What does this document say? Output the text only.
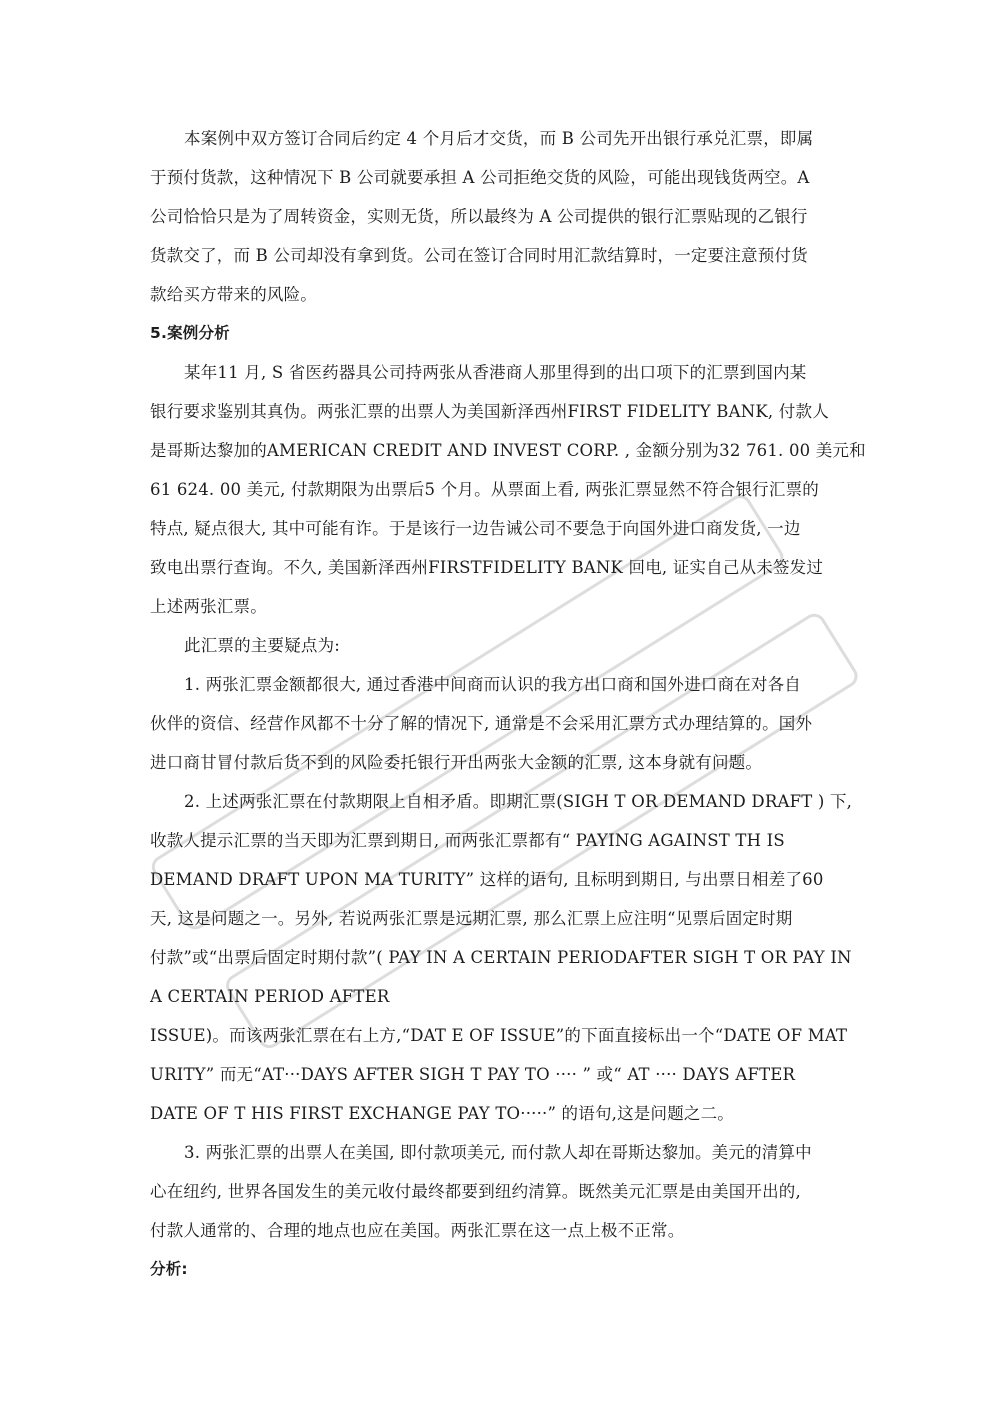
本案例中双方签订合同后约定 4 个月后才交货，而 B 公司先开出银行承兑汇票，即属
于预付货款，这种情况下 B 公司就要承担 A 公司拒绝交货的风险，可能出现钱货两空。A
公司恰恰只是为了周转资金，实则无货，所以最终为 A 公司提供的银行汇票贴现的乙银行
货款交了，而 B 公司却没有拿到货。公司在签订合同时用汇款结算时，一定要注意预付货
款给买方带来的风险。
5.案例分析
某年11 月, S 省医药器具公司持两张从香港商人那里得到的出口项下的汇票到国内某
银行要求鉴别其真伪。两张汇票的出票人为美国新泽西州FIRST FIDELITY BANK, 付款人
是哥斯达黎加的AMERICAN CREDIT AND INVEST CORP. , 金额分别为32 761. 00 美元和
61 624. 00 美元, 付款期限为出票后5 个月。从票面上看, 两张汇票显然不符合银行汇票的
特点, 疑点很大, 其中可能有诈。于是该行一边告诫公司不要急于向国外进口商发货, 一边
致电出票行查询。不久, 美国新泽西州FIRSTFIDELITY BANK 回电, 证实自己从未签发过
上述两张汇票。
此汇票的主要疑点为:
1. 两张汇票金额都很大, 通过香港中间商而认识的我方出口商和国外进口商在对各自
伙伴的资信、经营作风都不十分了解的情况下, 通常是不会采用汇票方式办理结算的。国外
进口商甘冒付款后货不到的风险委托银行开出两张大金额的汇票, 这本身就有问题。
2. 上述两张汇票在付款期限上自相矛盾。即期汇票(SIGH T OR DEMAND DRAFT ) 下,
收款人提示汇票的当天即为汇票到期日, 而两张汇票都有“ PAYING AGAINST TH IS
DEMAND DRAFT UPON MA TURITY” 这样的语句, 且标明到期日, 与出票日相差了60
天, 这是问题之一。另外, 若说两张汇票是远期汇票, 那么汇票上应注明“见票后固定时期
付款”或“出票后固定时期付款”( PAY IN A CERTAIN PERIODAFTER SIGH T OR PAY IN
A CERTAIN PERIOD AFTER
ISSUE)。而该两张汇票在右上方,“DAT E OF ISSUE”的下面直接标出一个“DATE OF MAT
URITY” 而无“AT···DAYS AFTER SIGH T PAY TO ···· ” 或“ AT ···· DAYS AFTER
DATE OF T HIS FIRST EXCHANGE PAY TO·····” 的语句,这是问题之二。
3. 两张汇票的出票人在美国, 即付款项美元, 而付款人却在哥斯达黎加。美元的清算中
心在纽约, 世界各国发生的美元收付最终都要到纽约清算。既然美元汇票是由美国开出的,
付款人通常的、合理的地点也应在美国。两张汇票在这一点上极不正常。
分析:
